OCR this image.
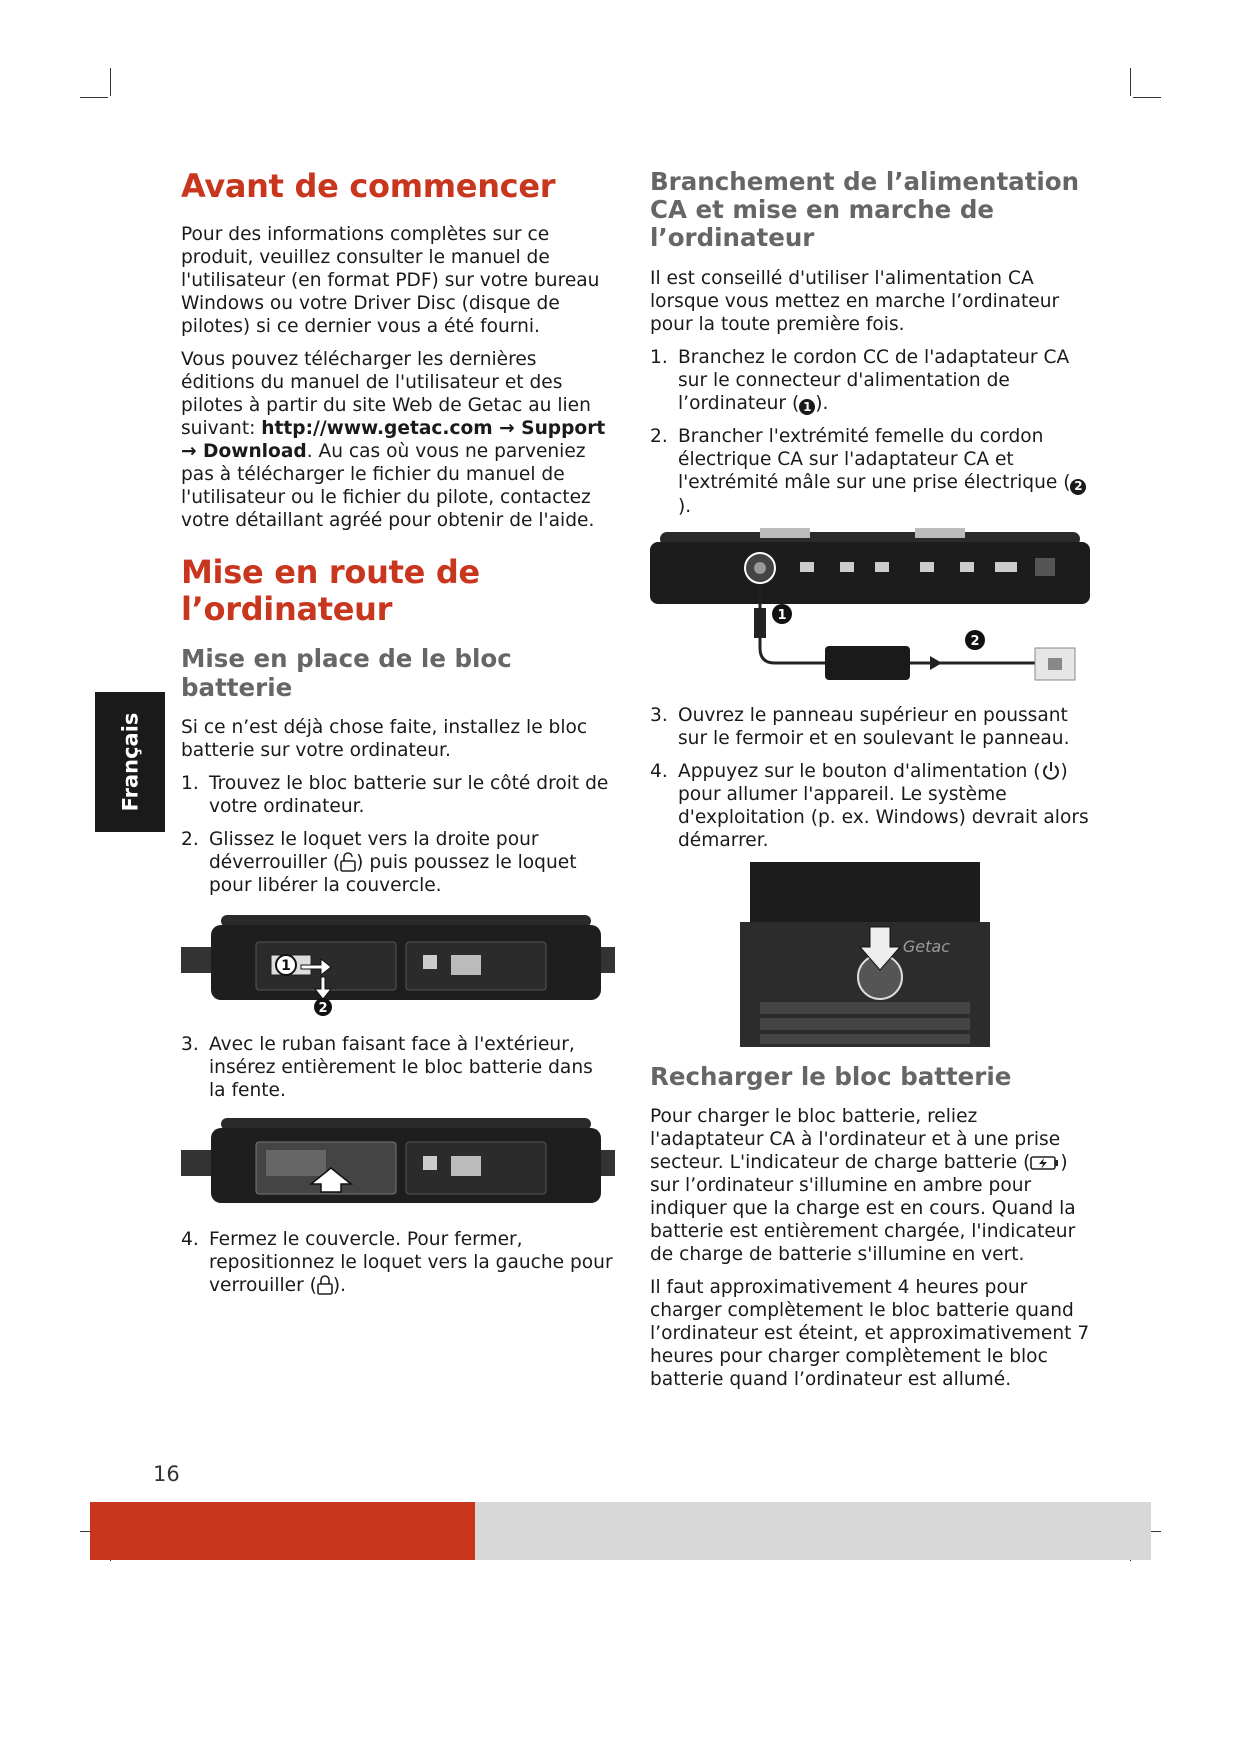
Français
Avant de commencer

Pour des informations complètes sur ce produit, veuillez consulter le manuel de l'utilisateur (en format PDF) sur votre bureau Windows ou votre Driver Disc (disque de pilotes) si ce dernier vous a été fourni.

Vous pouvez télécharger les dernières éditions du manuel de l'utilisateur et des pilotes à partir du site Web de Getac au lien suivant: http://www.getac.com → Support → Download. Au cas où vous ne parveniez pas à télécharger le fichier du manuel de l'utilisateur ou le fichier du pilote, contactez votre détaillant agréé pour obtenir de l'aide.

Mise en route de l’ordinateur
Mise en place de le bloc batterie

Si ce n’est déjà chose faite, installez le bloc batterie sur votre ordinateur.

1. Trouvez le bloc batterie sur le côté droit de votre ordinateur.
2. Glissez le loquet vers la droite pour déverrouiller ( ) puis poussez le loquet pour libérer la couvercle.
1
2
3. Avec le ruban faisant face à l'extérieur, insérez entièrement le bloc batterie dans la fente.
4. Fermez le couvercle. Pour fermer, repositionnez le loquet vers la gauche pour verrouiller ( ).
Branchement de l’alimentation CA et mise en marche de l’ordinateur

Il est conseillé d'utiliser l'alimentation CA lorsque vous mettez en marche l’ordinateur pour la toute première fois.

1. Branchez le cordon CC de l'adaptateur CA sur le connecteur d'alimentation de l’ordinateur ( 1 ).
2. Brancher l'extrémité femelle du cordon électrique CA sur l'adaptateur CA et l'extrémité mâle sur une prise électrique ( 2).
1
2
3. Ouvrez le panneau supérieur en poussant sur le fermoir et en soulevant le panneau.
4. Appuyez sur le bouton d'alimentation ( ) pour allumer l'appareil. Le système d'exploitation (p. ex. Windows) devrait alors démarrer.
Getac
Recharger le bloc batterie

Pour charger le bloc batterie, reliez l'adaptateur CA à l'ordinateur et à une prise secteur. L'indicateur de charge batterie ( ) sur l’ordinateur s'illumine en ambre pour indiquer que la charge est en cours. Quand la batterie est entièrement chargée, l'indicateur de charge de batterie s'illumine en vert.

Il faut approximativement 4 heures pour charger complètement le bloc batterie quand l’ordinateur est éteint, et approximativement 7 heures pour charger complètement le bloc batterie quand l’ordinateur est allumé.

16
